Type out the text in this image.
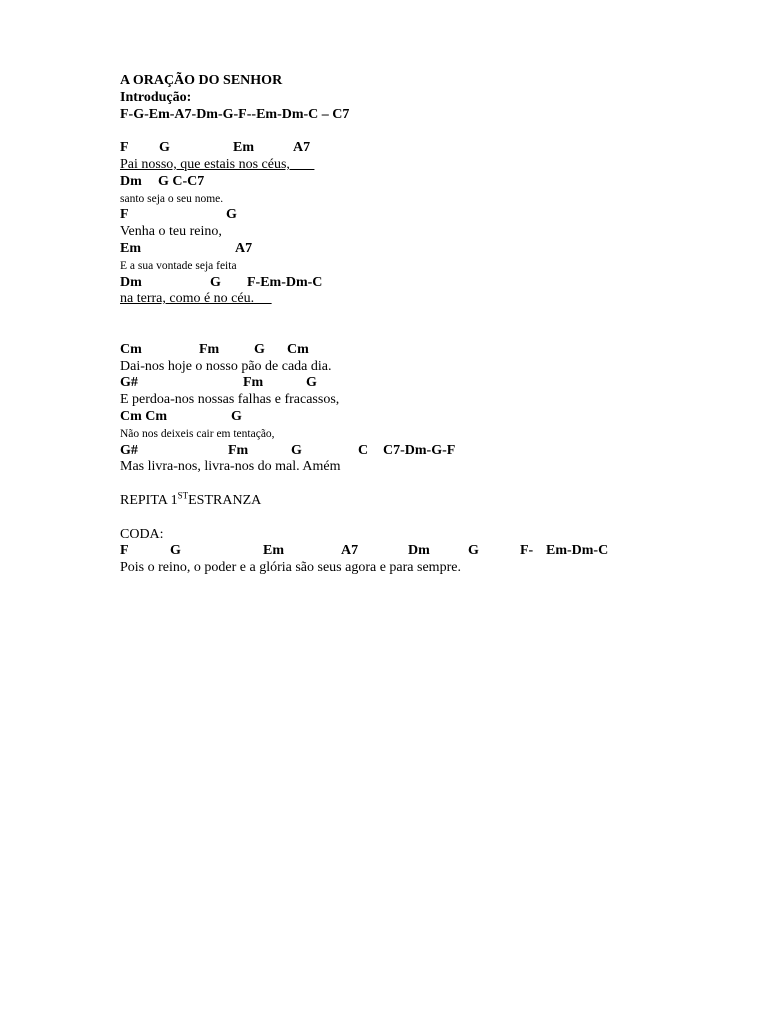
A ORAÇÃO DO SENHOR
Introdução:
F-G-Em-A7-Dm-G-F--Em-Dm-C – C7
F G	Em	A7
Pai nosso, que estais nos céus,
Dm G C-C7
santo seja o seu nome.
F	G
Venha o teu reino,
Em	A7
E a sua vontade seja feita
Dm	G F-Em-Dm-C
na terra, como é no céu.
Cm	Fm G Cm
Dai-nos hoje o nosso pão de cada dia.
G#	Fm	G
E perdoa-nos nossas falhas e fracassos,
Cm Cm	G
Não nos deixeis cair em tentação,
G#	Fm	G	C C7-Dm-G-F
Mas livra-nos, livra-nos do mal. Amém
REPITA 1STESTRANZA
CODA:
F	G	Em	A7	Dm	G	F- Em-Dm-C
Pois o reino, o poder e a glória são seus agora e para sempre.
